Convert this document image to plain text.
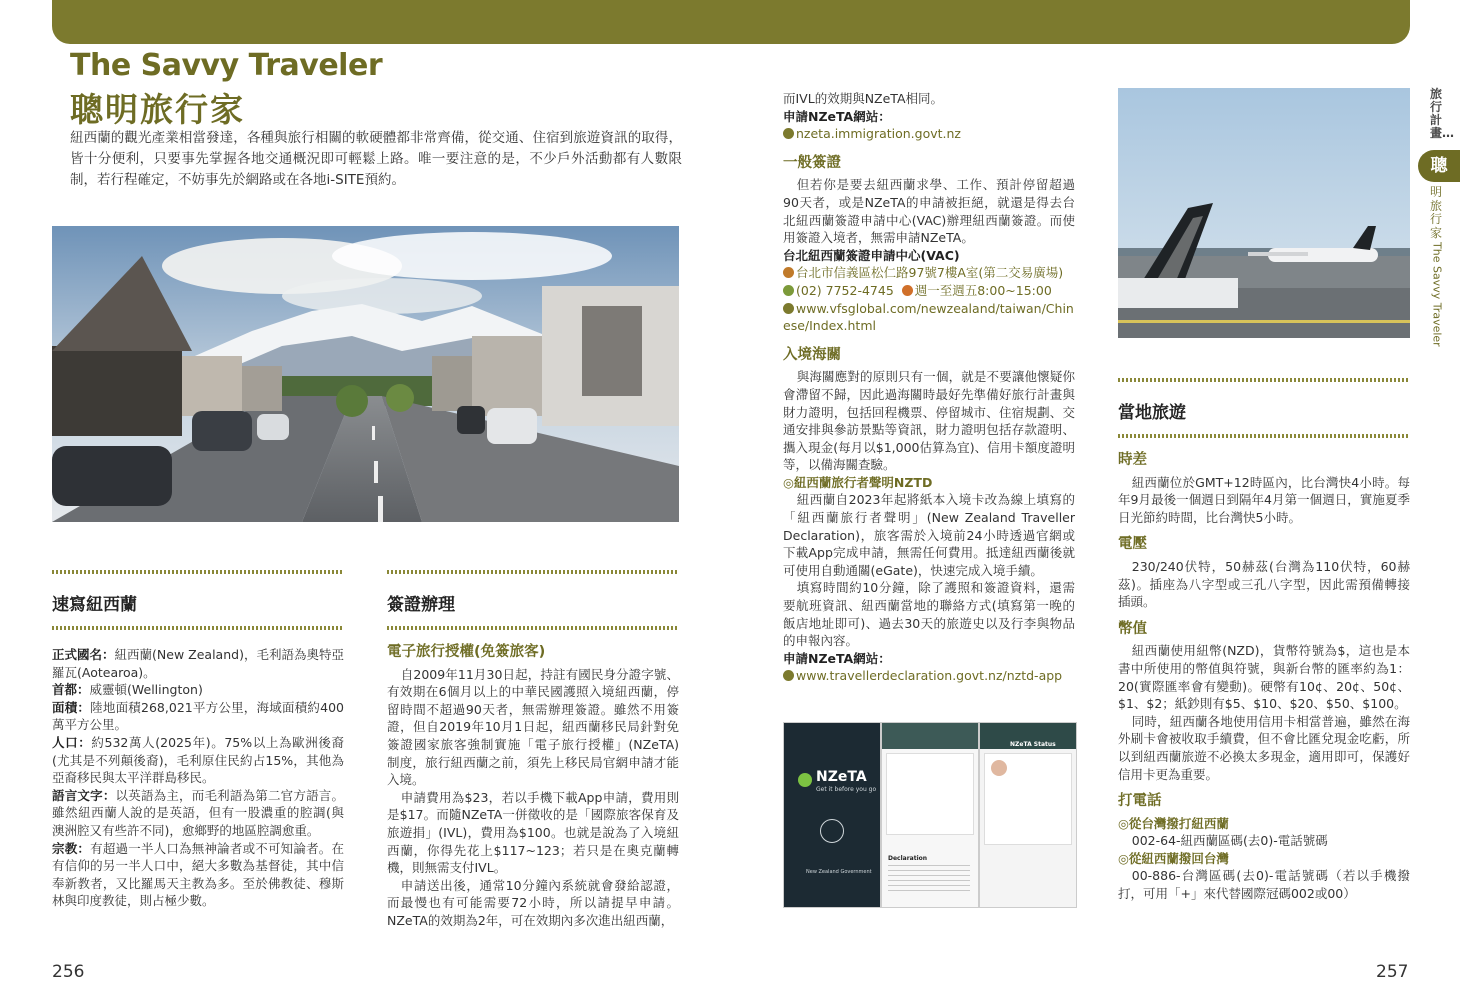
The Savvy Traveler
聰明旅行家
紐西蘭的觀光產業相當發達，各種與旅行相關的軟硬體都非常齊備，從交通、住宿到旅遊資訊的取得，皆十分便利，只要事先掌握各地交通概況即可輕鬆上路。唯一要注意的是，不少戶外活動都有人數限制，若行程確定，不妨事先於網路或在各地i-SITE預約。
速寫紐西蘭

正式國名：紐西蘭(New Zealand)，毛利語為奧特亞羅瓦(Aotearoa)。

首都：威靈頓(Wellington)

面積：陸地面積268,021平方公里，海域面積約400萬平方公里。

人口：約532萬人(2025年)。75%以上為歐洲後裔(尤其是不列顛後裔)，毛利原住民約占15%，其他為亞裔移民與太平洋群島移民。

語言文字：以英語為主，而毛利語為第二官方語言。雖然紐西蘭人說的是英語，但有一股濃重的腔調(與澳洲腔又有些許不同)，愈鄉野的地區腔調愈重。

宗教：有超過一半人口為無神論者或不可知論者。在有信仰的另一半人口中，絕大多數為基督徒，其中信奉新教者，又比羅馬天主教為多。至於佛教徒、穆斯林與印度教徒，則占極少數。

簽證辦理
電子旅行授權(免簽旅客)

自2009年11月30日起，持註有國民身分證字號、有效期在6個月以上的中華民國護照入境紐西蘭，停留時間不超過90天者，無需辦理簽證。雖然不用簽證，但自2019年10月1日起，紐西蘭移民局針對免簽證國家旅客強制實施「電子旅行授權」(NZeTA) 制度，旅行紐西蘭之前，須先上移民局官網申請才能入境。

申請費用為$23，若以手機下載App申請，費用則是$17。而隨NZeTA一併徵收的是「國際旅客保育及旅遊捐」(IVL)，費用為$100。也就是說為了入境紐西蘭，你得先花上$117~123；若只是在奧克蘭轉機，則無需支付IVL。

申請送出後，通常10分鐘內系統就會發給認證，而最慢也有可能需要72小時，所以請提早申請。NZeTA的效期為2年，可在效期內多次進出紐西蘭，

而IVL的效期與NZeTA相同。

申請NZeTA網站：

nzeta.immigration.govt.nz

一般簽證

但若你是要去紐西蘭求學、工作、預計停留超過90天者，或是NZeTA的申請被拒絕，就還是得去台北紐西蘭簽證申請中心(VAC)辦理紐西蘭簽證。而使用簽證入境者，無需申請NZeTA。

台北紐西蘭簽證申請中心(VAC)

台北市信義區松仁路97號7樓A室(第二交易廣場)

(02) 7752-4745 週一至週五8:00~15:00

www.vfsglobal.com/newzealand/taiwan/Chinese/Index.html

入境海關

與海關應對的原則只有一個，就是不要讓他懷疑你會滯留不歸，因此過海關時最好先準備好旅行計畫與財力證明，包括回程機票、停留城市、住宿規劃、交通安排與參訪景點等資訊，財力證明包括存款證明、攜入現金(每月以$1,000估算為宜)、信用卡額度證明等，以備海關查驗。

◎紐西蘭旅行者聲明NZTD

紐西蘭自2023年起將紙本入境卡改為線上填寫的「紐西蘭旅行者聲明」(New Zealand Traveller Declaration)，旅客需於入境前24小時透過官網或下載App完成申請，無需任何費用。抵達紐西蘭後就可使用自動通關(eGate)，快速完成入境手續。

填寫時間約10分鐘，除了護照和簽證資料，還需要航班資訊、紐西蘭當地的聯絡方式(填寫第一晚的飯店地址即可)、過去30天的旅遊史以及行李與物品的申報內容。

申請NZeTA網站：

www.travellerdeclaration.govt.nz/nztd-app

NZeTA
Get it before you go
New Zealand Government
Declaration
NZeTA Status
當地旅遊
時差

紐西蘭位於GMT+12時區內，比台灣快4小時。每年9月最後一個週日到隔年4月第一個週日，實施夏季日光節約時間，比台灣快5小時。

電壓

230/240伏特，50赫茲(台灣為110伏特，60赫茲)。插座為八字型或三孔八字型，因此需預備轉接插頭。

幣值

紐西蘭使用紐幣(NZD)，貨幣符號為$，這也是本書中所使用的幣值與符號，與新台幣的匯率約為1：20(實際匯率會有變動)。硬幣有10¢、20¢、50¢、$1、$2；紙鈔則有$5、$10、$20、$50、$100。

同時，紐西蘭各地使用信用卡相當普遍，雖然在海外刷卡會被收取手續費，但不會比匯兌現金吃虧，所以到紐西蘭旅遊不必換太多現金，適用即可，保護好信用卡更為重要。

打電話

◎從台灣撥打紐西蘭

002-64-紐西蘭區碼(去0)-電話號碼

◎從紐西蘭撥回台灣

00-886-台灣區碼(去0)-電話號碼（若以手機撥打，可用「+」來代替國際冠碼002或00）

旅行計畫…
聰
明旅行家
The Savvy Traveler
256	257
